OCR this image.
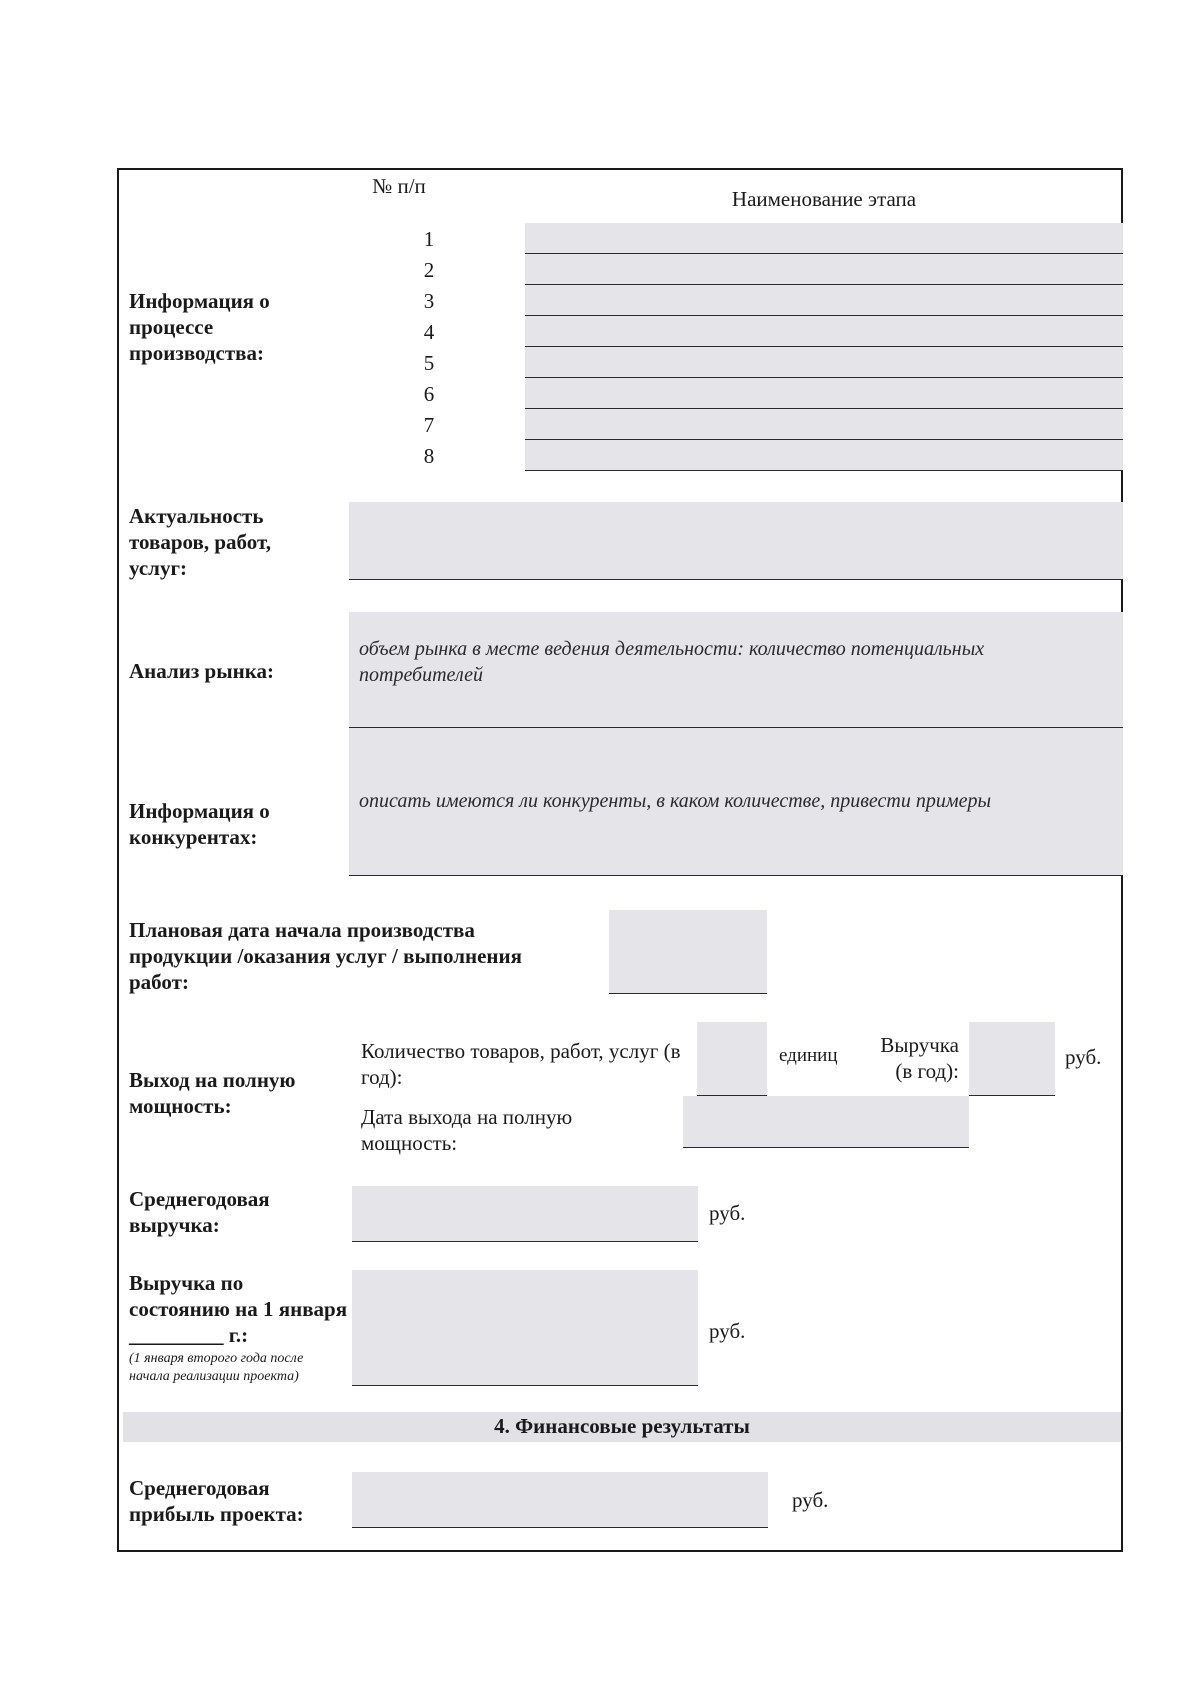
Информация о процессе производства:
№ п/п
Наименование этапа
1
2
3
4
5
6
7
8
Актуальность товаров, работ, услуг:
Анализ рынка:
объем рынка в месте ведения деятельности: количество потенциальных потребителей
Информация о конкурентах:
описать имеются ли конкуренты, в каком количестве, привести примеры
Плановая дата начала производства продукции /оказания услуг / выполнения работ:
Выход на полную мощность:
Количество товаров, работ, услуг (в год):
единиц	Выручка (в год):
руб.
Дата выхода на полную мощность:
Среднегодовая выручка:	руб.
Выручка по состоянию на 1 января _________ г.:
(1 января второго года после начала реализации проекта)
руб.
4. Финансовые результаты
Среднегодовая прибыль проекта:
руб.
